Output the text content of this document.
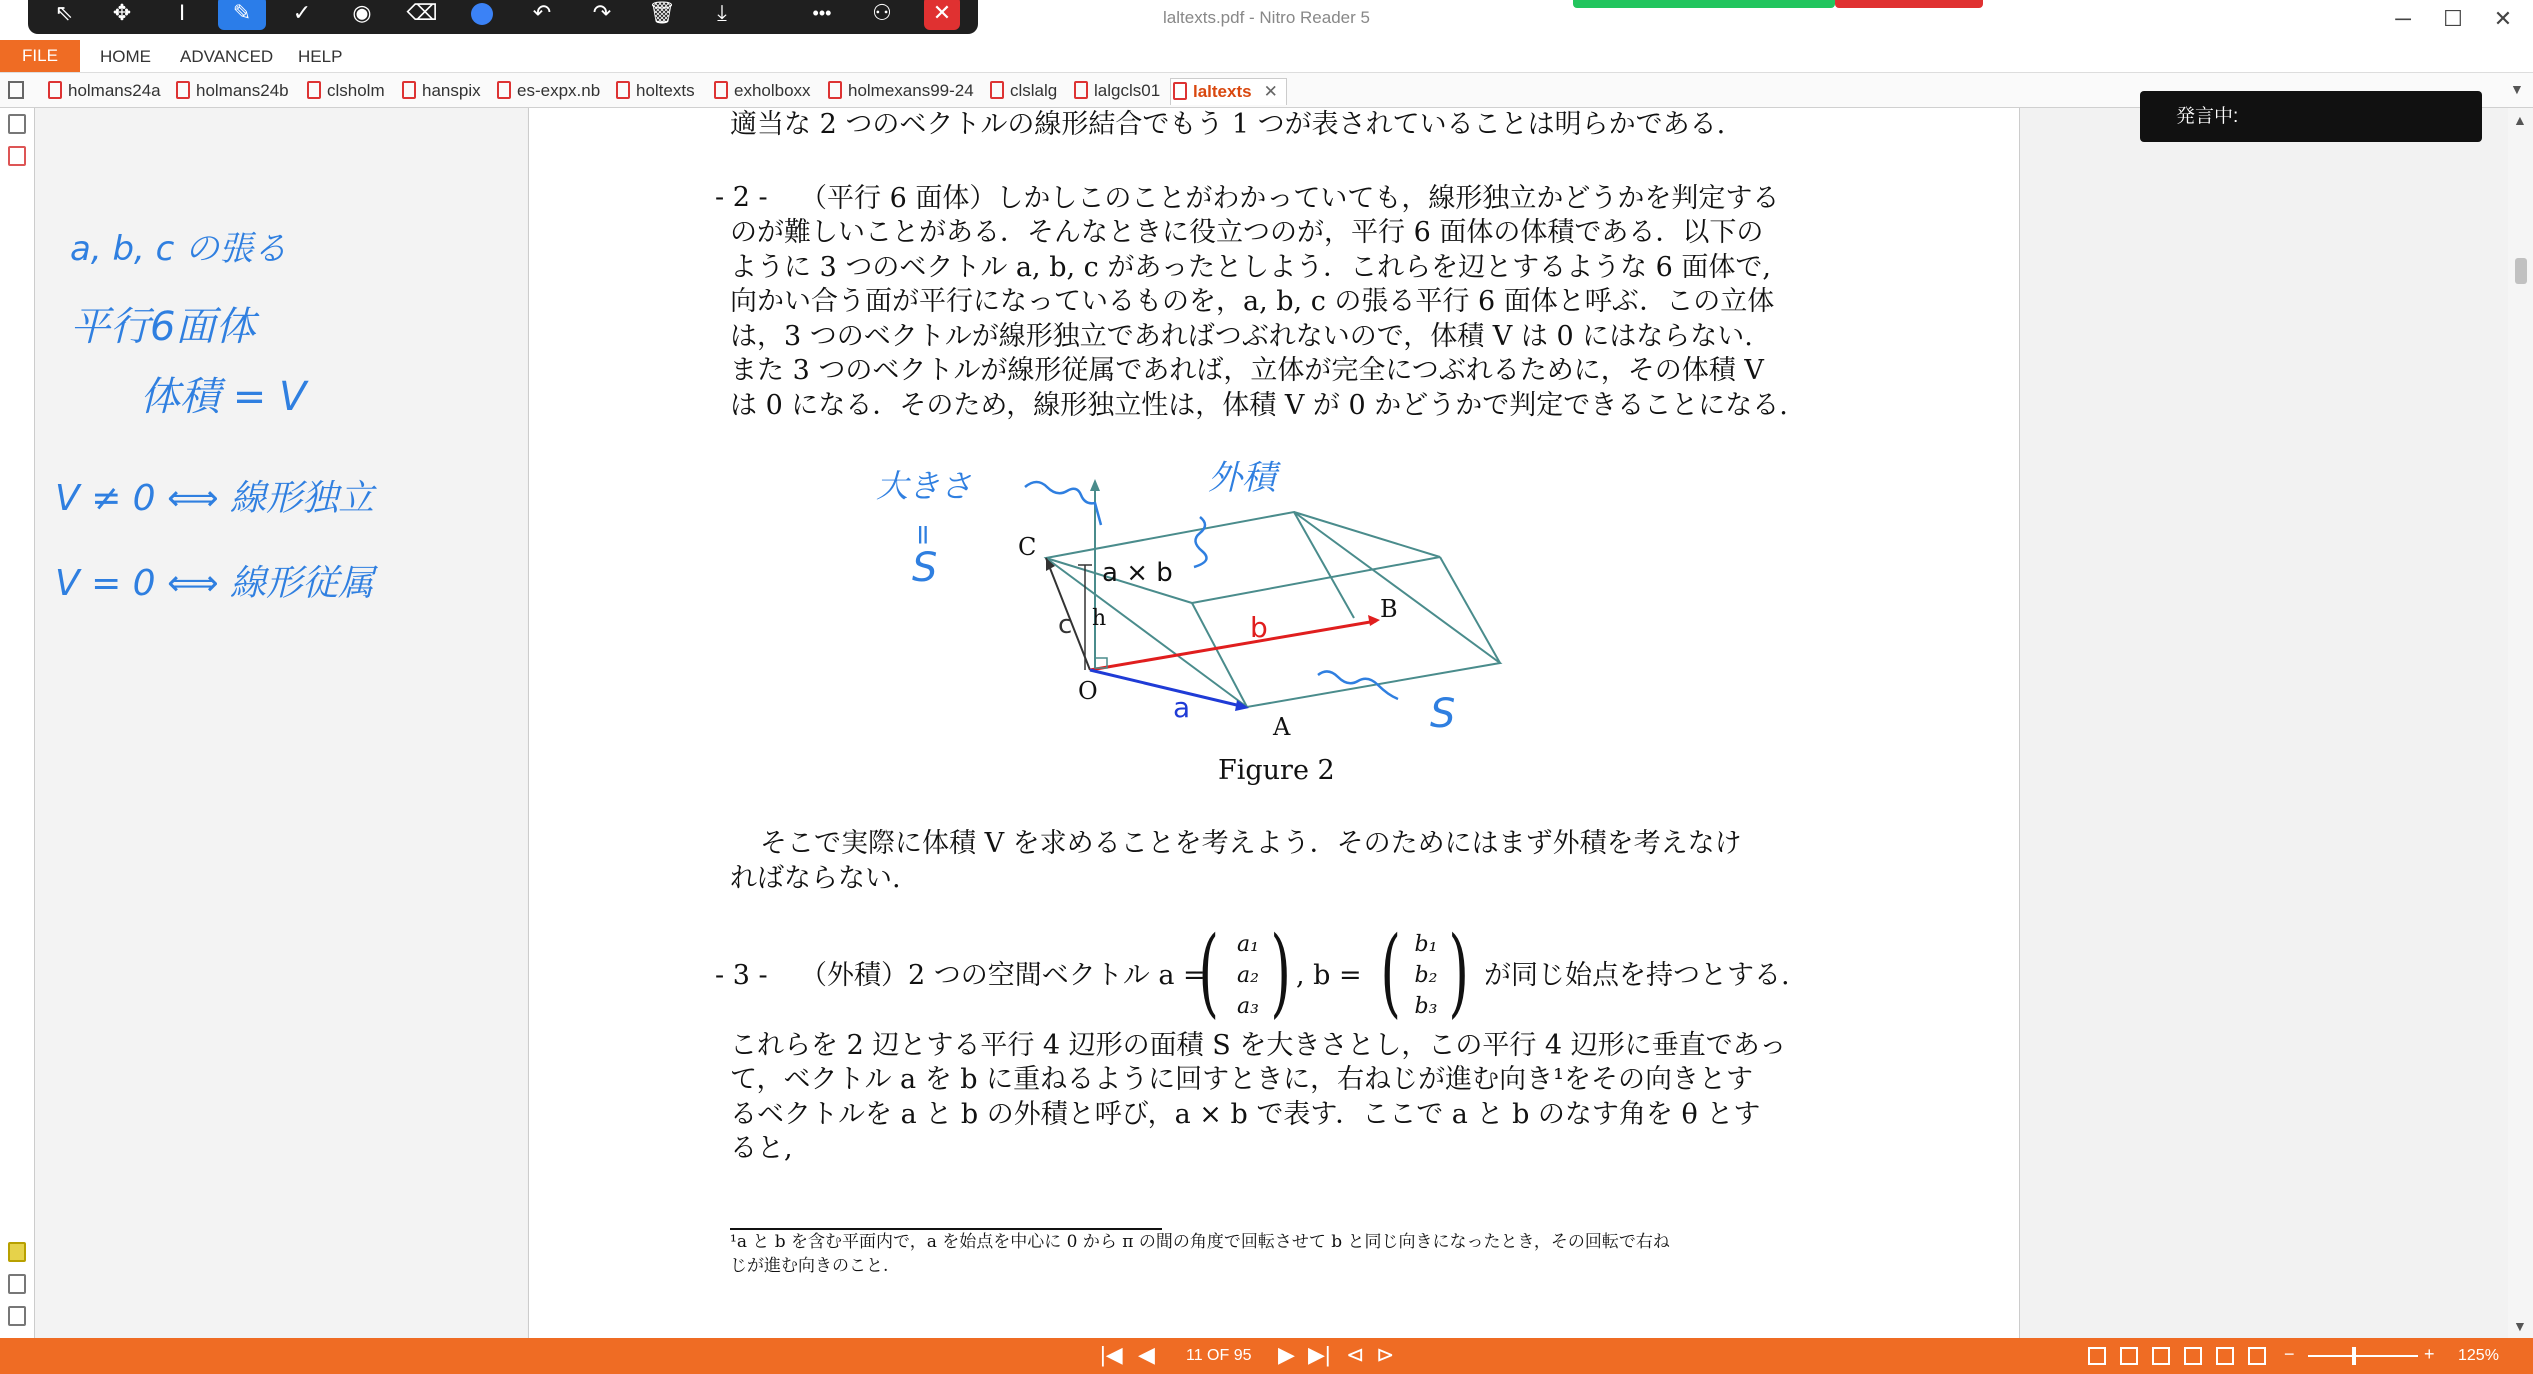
laltexts.pdf - Nitro Reader 5	─	☐ ✕
⇖	✥	I	✎	✓	◉	⌫	↶	↷	🗑	⤓	•••	⚇	✕
FILE	HOME ADVANCED HELP
holmans24a	holmans24b	clsholm	hanspix	es-expx.nb	holtexts	exholboxx	holmexans99-24	clslalg	lalgcls01	laltexts ✕	▼
a, b, c の張る
平行6面体
体積 = V
V ≠ 0 ⟺ 線形独立
V = 0 ⟺ 線形従属
適当な 2 つのベクトルの線形結合でもう 1 つが表されていることは明らかである.
- 2 - （平行 6 面体）しかしこのことがわかっていても，線形独立かどうかを判定する
のが難しいことがある．そんなときに役立つのが，平行 6 面体の体積である．以下の
ように 3 つのベクトル a, b, c があったとしよう．これらを辺とするような 6 面体で,
向かい合う面が平行になっているものを，a, b, c の張る平行 6 面体と呼ぶ．この立体
は，3 つのベクトルが線形独立であればつぶれないので，体積 V は 0 にはならない.
また 3 つのベクトルが線形従属であれば，立体が完全につぶれるために，その体積 V
は 0 になる．そのため，線形独立性は，体積 V が 0 かどうかで判定できることになる.
C
B
a × b
c h	b
O	a
A
大きさ
=
S
外積
S
Figure 2
そこで実際に体積 V を求めることを考えよう．そのためにはまず外積を考えなけ
ればならない.
- 3 - （外積）2 つの空間ベクトル a =
( a₁
a₂
a₃ ) , b = ( b₁
b₂
b₃ ) が同じ始点を持つとする.
これらを 2 辺とする平行 4 辺形の面積 S を大きさとし，この平行 4 辺形に垂直であっ
て，ベクトル a を b に重ねるように回すときに，右ねじが進む向き¹をその向きとす
るベクトルを a と b の外積と呼び，a × b で表す．ここで a と b のなす角を θ とす
ると,
¹a と b を含む平面内で，a を始点を中心に 0 から π の間の角度で回転させて b と同じ向きになったとき，その回転で右ね
じが進む向きのこと.
発言中:	▲
▼
|◀ ◀ 11 OF 95 ▶ ▶| ⊲ ⊳	−	+ 125%
